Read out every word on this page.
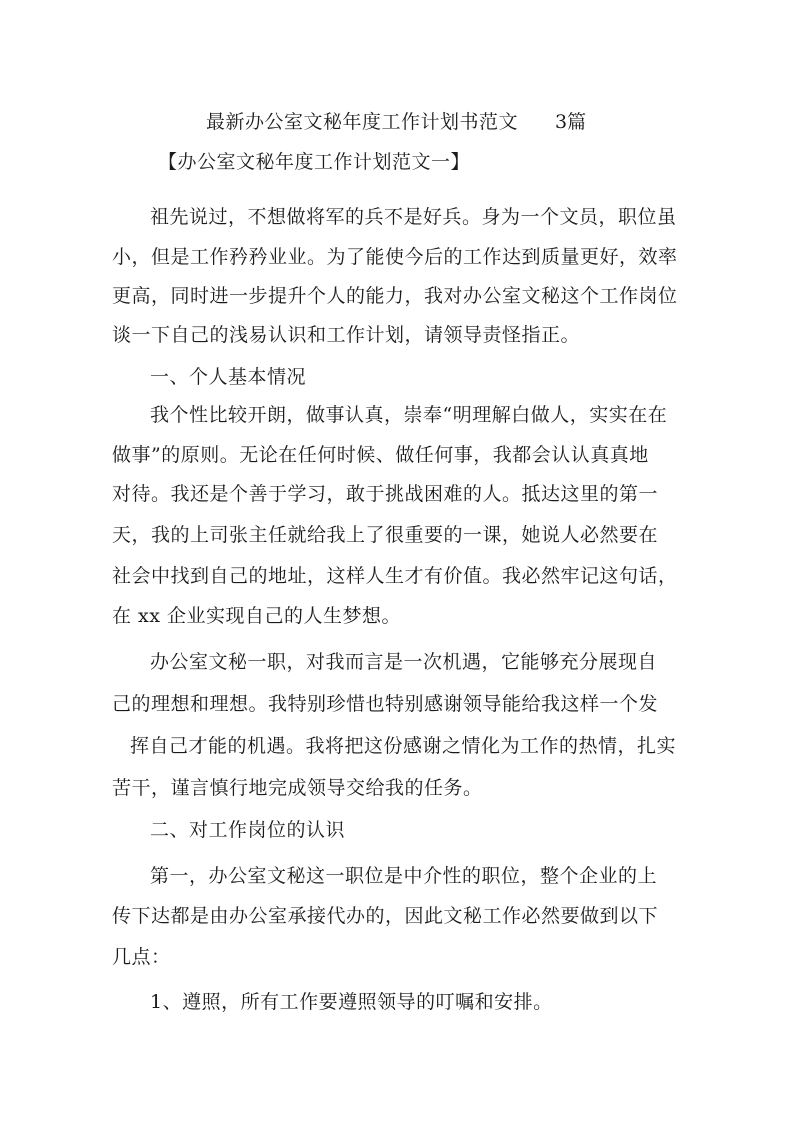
最新办公室文秘年度工作计划书范文 3篇
【办公室文秘年度工作计划范文一】
祖先说过，不想做将军的兵不是好兵。身为一个文员，职位虽
小，但是工作矜矜业业。为了能使今后的工作达到质量更好，效率
更高，同时进一步提升个人的能力，我对办公室文秘这个工作岗位
谈一下自己的浅易认识和工作计划，请领导责怪指正。
一、个人基本情况
我个性比较开朗，做事认真，崇奉“明理解白做人，实实在在
做事”的原则。无论在任何时候、做任何事，我都会认认真真地
对待。我还是个善于学习，敢于挑战困难的人。抵达这里的第一
天，我的上司张主任就给我上了很重要的一课，她说人必然要在
社会中找到自己的地址，这样人生才有价值。我必然牢记这句话，
在 xx 企业实现自己的人生梦想。
办公室文秘一职，对我而言是一次机遇，它能够充分展现自
己的理想和理想。我特别珍惜也特别感谢领导能给我这样一个发
挥自己才能的机遇。我将把这份感谢之情化为工作的热情，扎实
苦干，谨言慎行地完成领导交给我的任务。
二、对工作岗位的认识
第一，办公室文秘这一职位是中介性的职位，整个企业的上
传下达都是由办公室承接代办的，因此文秘工作必然要做到以下
几点：
1、遵照，所有工作要遵照领导的叮嘱和安排。
